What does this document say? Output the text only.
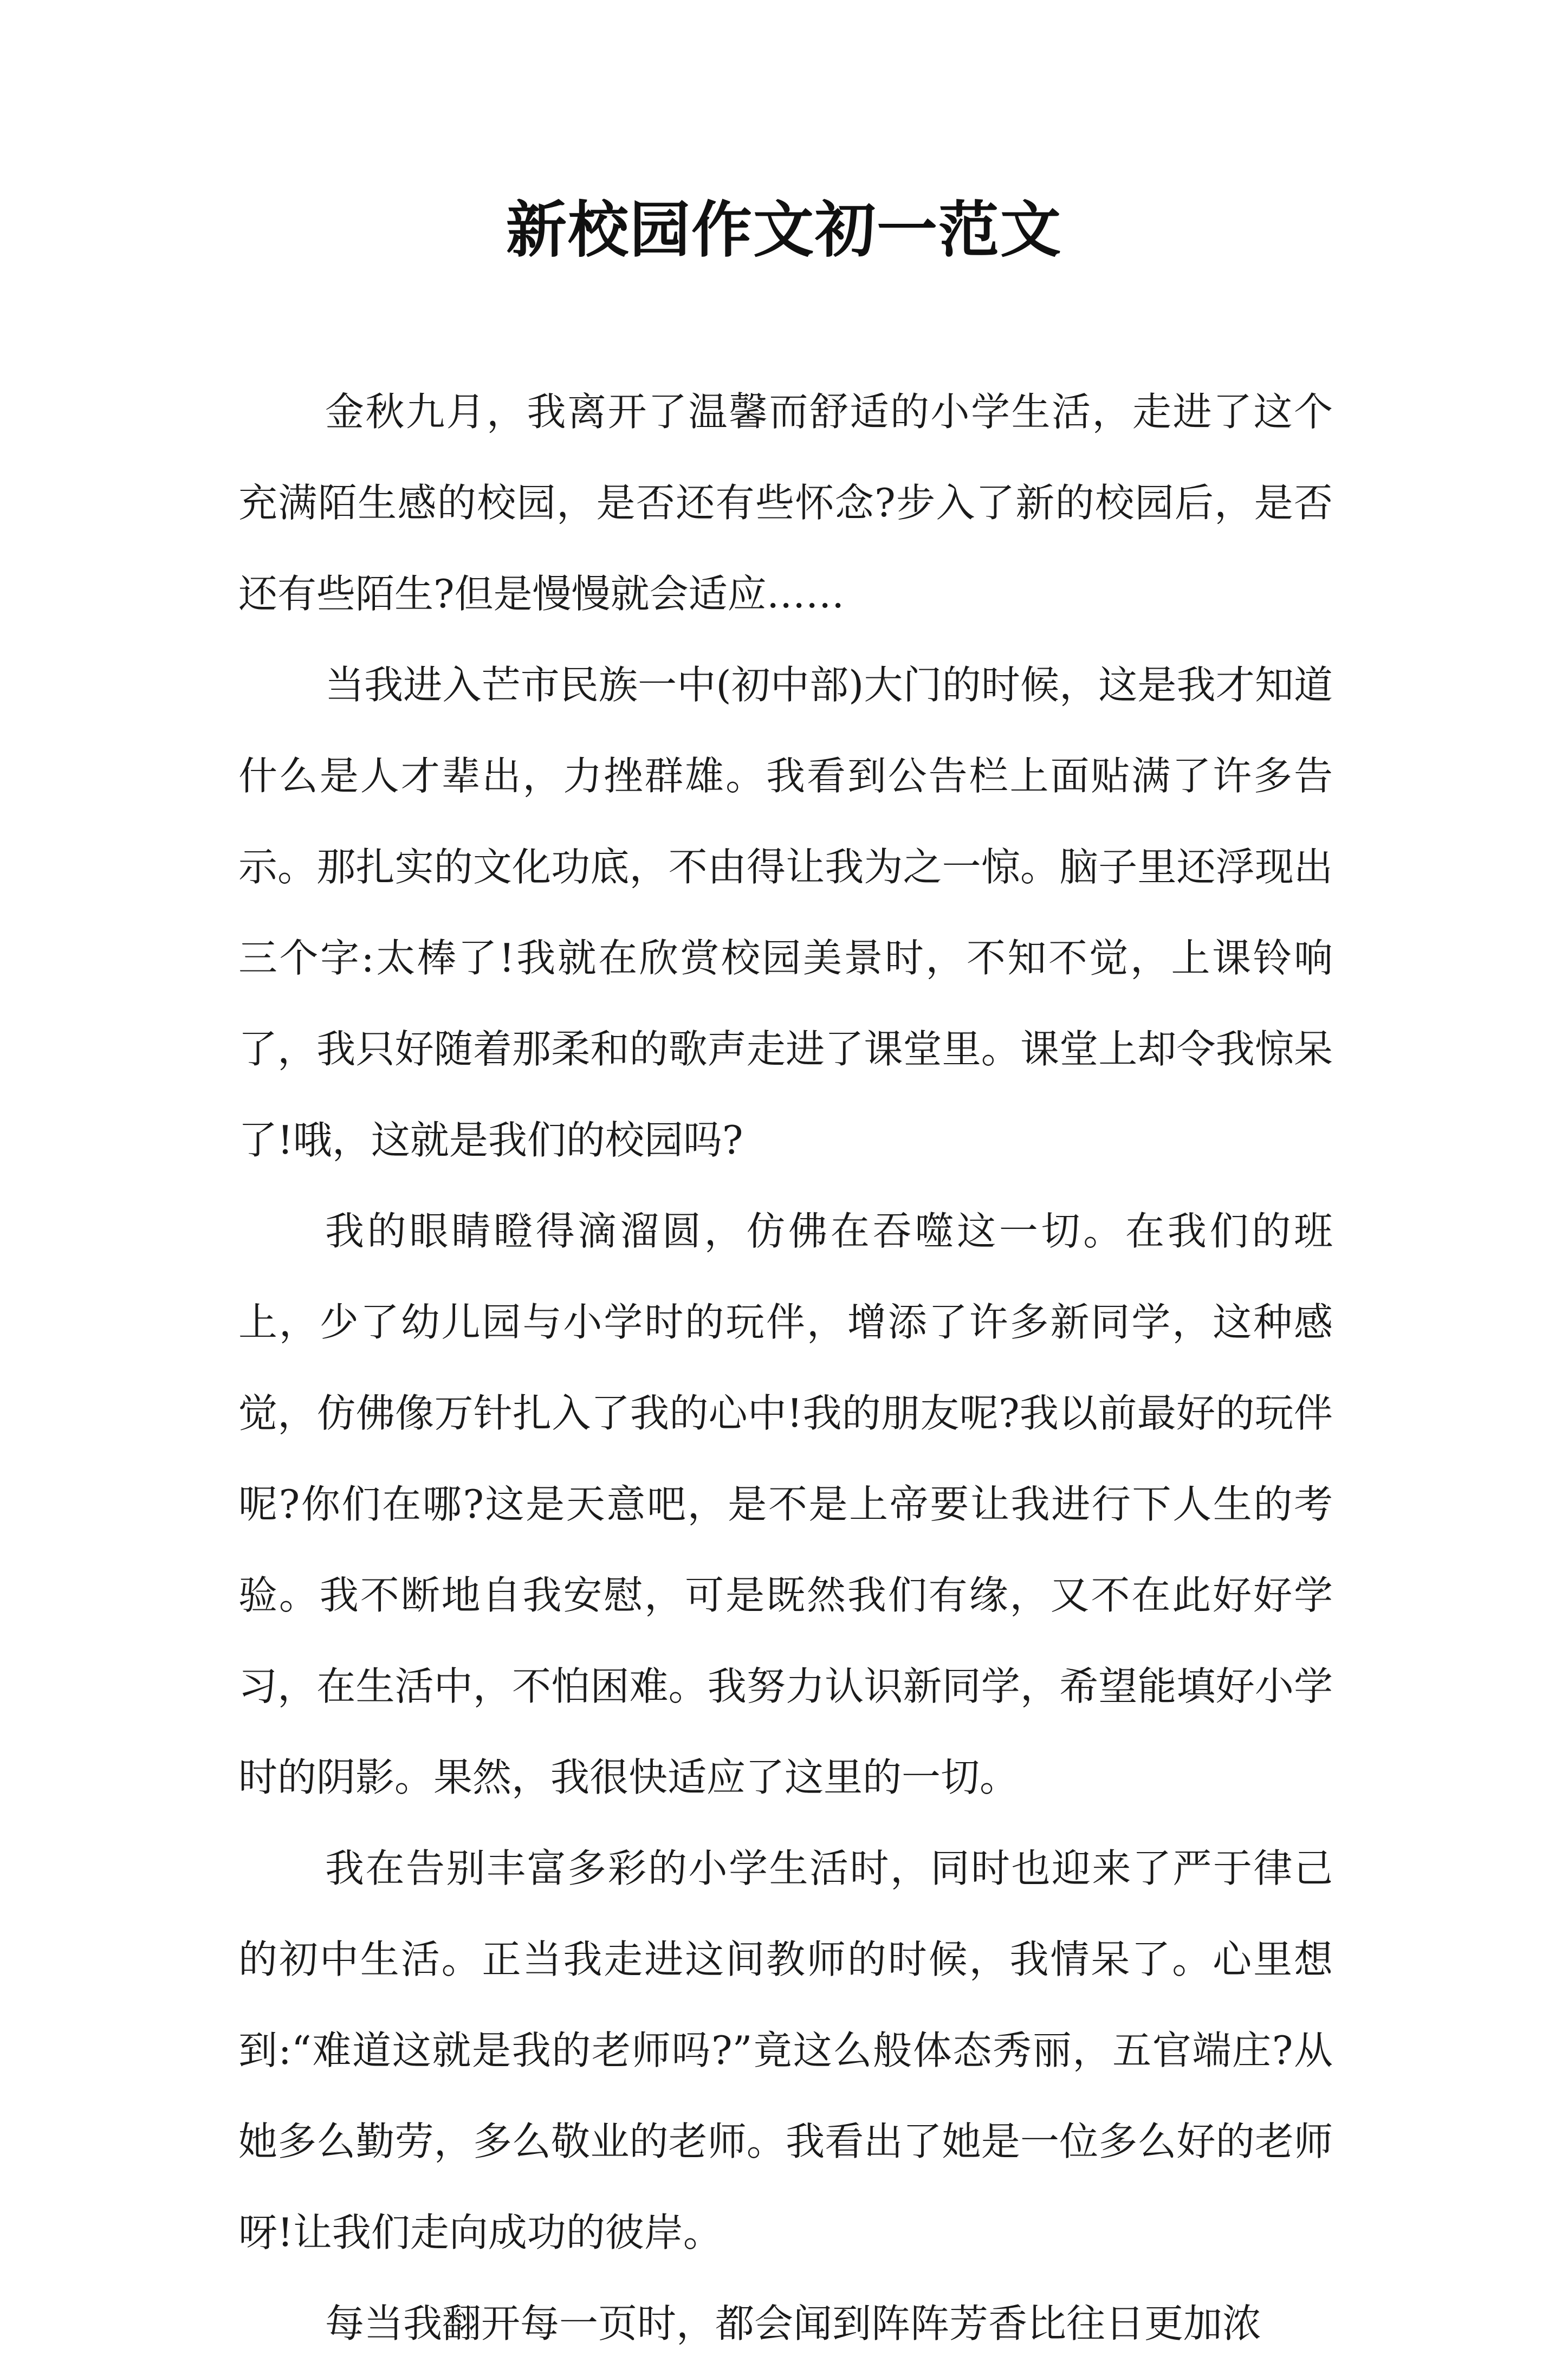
新校园作文初一范文

金秋九月，我离开了温馨而舒适的小学生活，走进了这个充满陌生感的校园，是否还有些怀念?步入了新的校园后，是否还有些陌生?但是慢慢就会适应……

当我进入芒市民族一中(初中部)大门的时候，这是我才知道什么是人才辈出，力挫群雄。我看到公告栏上面贴满了许多告示。那扎实的文化功底，不由得让我为之一惊。脑子里还浮现出三个字:太棒了!我就在欣赏校园美景时，不知不觉，上课铃响了，我只好随着那柔和的歌声走进了课堂里。课堂上却令我惊呆了!哦，这就是我们的校园吗?

我的眼睛瞪得滴溜圆，仿佛在吞噬这一切。在我们的班上，少了幼儿园与小学时的玩伴，增添了许多新同学，这种感觉，仿佛像万针扎入了我的心中!我的朋友呢?我以前最好的玩伴呢?你们在哪?这是天意吧，是不是上帝要让我进行下人生的考验。我不断地自我安慰，可是既然我们有缘，又不在此好好学习，在生活中，不怕困难。我努力认识新同学，希望能填好小学时的阴影。果然，我很快适应了这里的一切。

我在告别丰富多彩的小学生活时，同时也迎来了严于律己的初中生活。正当我走进这间教师的时候，我情呆了。心里想到:“难道这就是我的老师吗?”竟这么般体态秀丽，五官端庄?从她多么勤劳，多么敬业的老师。我看出了她是一位多么好的老师呀!让我们走向成功的彼岸。

每当我翻开每一页时，都会闻到阵阵芳香比往日更加浓
